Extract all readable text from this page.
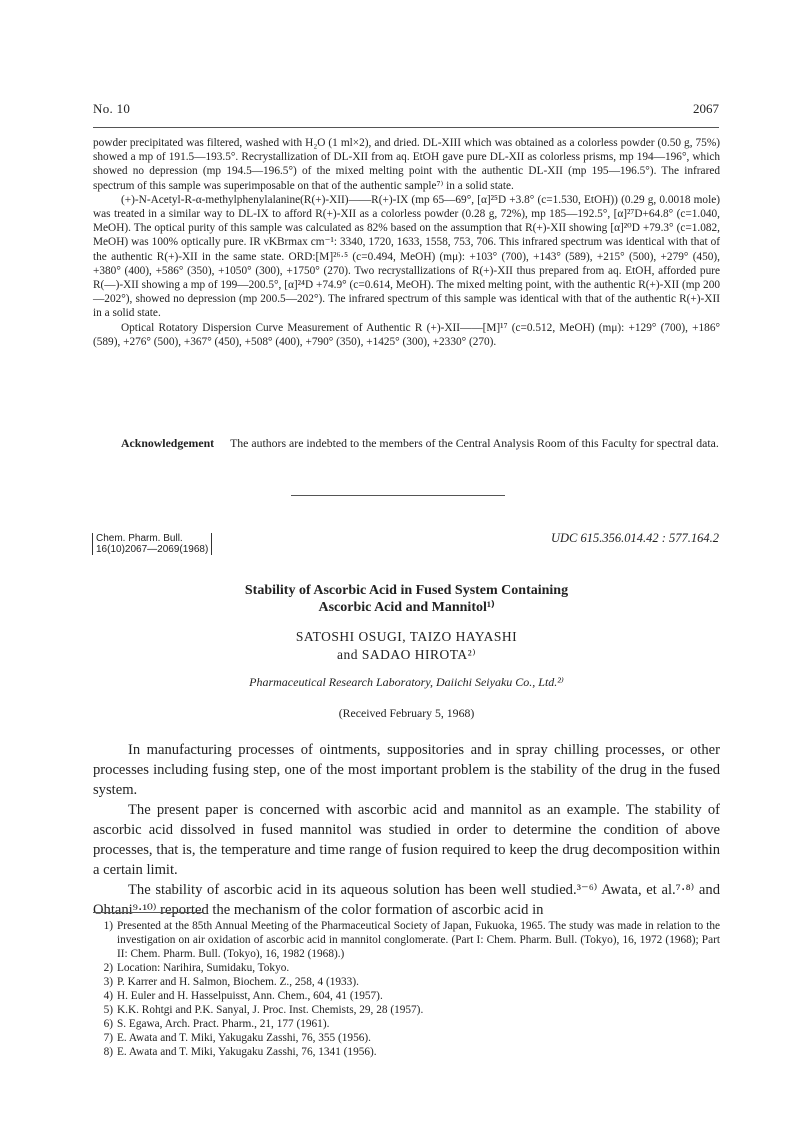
No. 10	2067

powder precipitated was filtered, washed with H₂O (1 ml×2), and dried. DL-XIII which was obtained as a colorless powder (0.50 g, 75%) showed a mp of 191.5—193.5°. Recrystallization of DL-XII from aq. EtOH gave pure DL-XII as colorless prisms, mp 194—196°, which showed no depression (mp 194.5—196.5°) of the mixed melting point with the authentic DL-XII (mp 195—196.5°). The infrared spectrum of this sample was superimposable on that of the authentic sample⁷⁾ in a solid state.

(+)-N-Acetyl-R-α-methylphenylalanine(R(+)-XII)——R(+)-IX (mp 65—69°, [α]²⁵D +3.8° (c=1.530, EtOH)) (0.29 g, 0.0018 mole) was treated in a similar way to DL-IX to afford R(+)-XII as a colorless powder (0.28 g, 72%), mp 185—192.5°, [α]²⁷D+64.8° (c=1.040, MeOH). The optical purity of this sample was calculated as 82% based on the assumption that R(+)-XII showing [α]²⁰D +79.3° (c=1.082, MeOH) was 100% optically pure. IR νKBrmax cm⁻¹: 3340, 1720, 1633, 1558, 753, 706. This infrared spectrum was identical with that of the authentic R(+)-XII in the same state. ORD:[M]²⁶·⁵ (c=0.494, MeOH) (mμ): +103° (700), +143° (589), +215° (500), +279° (450), +380° (400), +586° (350), +1050° (300), +1750° (270). Two recrystallizations of R(+)-XII thus prepared from aq. EtOH, afforded pure R(—)-XII showing a mp of 199—200.5°, [α]²⁴D +74.9° (c=0.614, MeOH). The mixed melting point, with the authentic R(+)-XII (mp 200—202°), showed no depression (mp 200.5—202°). The infrared spectrum of this sample was identical with that of the authentic R(+)-XII in a solid state.

Optical Rotatory Dispersion Curve Measurement of Authentic R (+)-XII——[M]¹⁷ (c=0.512, MeOH) (mμ): +129° (700), +186° (589), +276° (500), +367° (450), +508° (400), +790° (350), +1425° (300), +2330° (270).

Acknowledgement The authors are indebted to the members of the Central Analysis Room of this Faculty for spectral data.
Chem. Pharm. Bull.
16(10)2067—2069(1968)
UDC 615.356.014.42 : 577.164.2
Stability of Ascorbic Acid in Fused System Containing
Ascorbic Acid and Mannitol¹⁾
SATOSHI OSUGI, TAIZO HAYASHI
and SADAO HIROTA²⁾
Pharmaceutical Research Laboratory, Daiichi Seiyaku Co., Ltd.²⁾
(Received February 5, 1968)

In manufacturing processes of ointments, suppositories and in spray chilling processes, or other processes including fusing step, one of the most important problem is the stability of the drug in the fused system.

The present paper is concerned with ascorbic acid and mannitol as an example. The stability of ascorbic acid dissolved in fused mannitol was studied in order to determine the condition of above processes, that is, the temperature and time range of fusion required to keep the drug decomposition within a certain limit.

The stability of ascorbic acid in its aqueous solution has been well studied.³⁻⁶⁾ Awata, et al.⁷·⁸⁾ and Ohtani⁹·¹⁰⁾ reported the mechanism of the color formation of ascorbic acid in

1) Presented at the 85th Annual Meeting of the Pharmaceutical Society of Japan, Fukuoka, 1965. The study was made in relation to the investigation on air oxidation of ascorbic acid in mannitol conglomerate. (Part I: Chem. Pharm. Bull. (Tokyo), 16, 1972 (1968); Part II: Chem. Pharm. Bull. (Tokyo), 16, 1982 (1968).)
2) Location: Narihira, Sumidaku, Tokyo.
3) P. Karrer and H. Salmon, Biochem. Z., 258, 4 (1933).
4) H. Euler and H. Hasselpuisst, Ann. Chem., 604, 41 (1957).
5) K.K. Rohtgi and P.K. Sanyal, J. Proc. Inst. Chemists, 29, 28 (1957).
6) S. Egawa, Arch. Pract. Pharm., 21, 177 (1961).
7) E. Awata and T. Miki, Yakugaku Zasshi, 76, 355 (1956).
8) E. Awata and T. Miki, Yakugaku Zasshi, 76, 1341 (1956).
